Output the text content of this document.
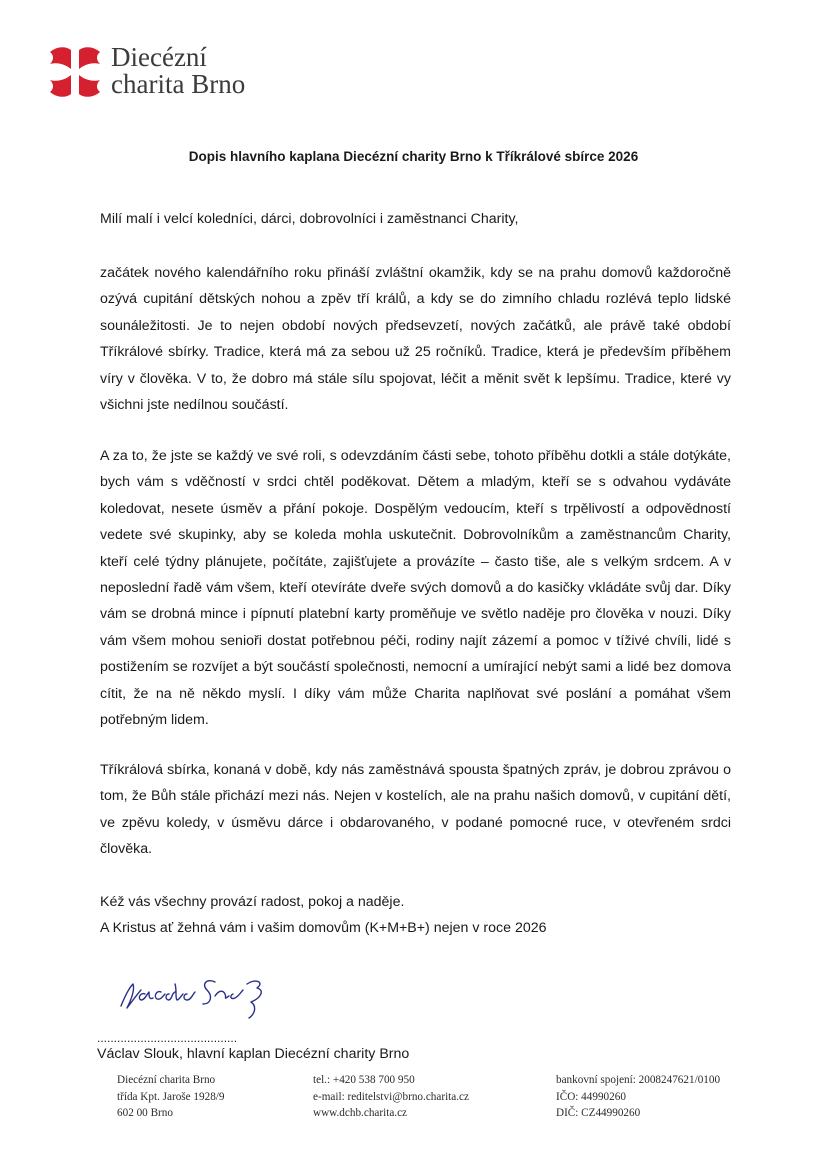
Diecézní
charita Brno
Dopis hlavního kaplana Diecézní charity Brno k Tříkrálové sbírce 2026
Milí malí i velcí koledníci, dárci, dobrovolníci i zaměstnanci Charity,

začátek nového kalendářního roku přináší zvláštní okamžik, kdy se na prahu domovů každoročně ozývá cupitání dětských nohou a zpěv tří králů, a kdy se do zimního chladu rozlévá teplo lidské sounáležitosti. Je to nejen období nových předsevzetí, nových začátků, ale právě také období Tříkrálové sbírky. Tradice, která má za sebou už 25 ročníků. Tradice, která je především příběhem víry v člověka. V to, že dobro má stále sílu spojovat, léčit a měnit svět k lepšímu. Tradice, které vy všichni jste nedílnou součástí.

A za to, že jste se každý ve své roli, s odevzdáním části sebe, tohoto příběhu dotkli a stále dotýkáte, bych vám s vděčností v srdci chtěl poděkovat. Dětem a mladým, kteří se s odvahou vydáváte koledovat, nesete úsměv a přání pokoje. Dospělým vedoucím, kteří s trpělivostí a odpovědností vedete své skupinky, aby se koleda mohla uskutečnit. Dobrovolníkům a zaměstnancům Charity, kteří celé týdny plánujete, počítáte, zajišťujete a provázíte – často tiše, ale s velkým srdcem. A v neposlední řadě vám všem, kteří otevíráte dveře svých domovů a do kasičky vkládáte svůj dar. Díky vám se drobná mince i pípnutí platební karty proměňuje ve světlo naděje pro člověka v nouzi. Díky vám všem mohou senioři dostat potřebnou péči, rodiny najít zázemí a pomoc v tíživé chvíli, lidé s postižením se rozvíjet a být součástí společnosti, nemocní a umírající nebýt sami a lidé bez domova cítit, že na ně někdo myslí. I díky vám může Charita naplňovat své poslání a pomáhat všem potřebným lidem.

Tříkrálová sbírka, konaná v době, kdy nás zaměstnává spousta špatných zpráv, je dobrou zprávou o tom, že Bůh stále přichází mezi nás. Nejen v kostelích, ale na prahu našich domovů, v cupitání dětí, ve zpěvu koledy, v úsměvu dárce i obdarovaného, v podané pomocné ruce, v otevřeném srdci člověka.

Kéž vás všechny provází radost, pokoj a naděje.

A Kristus ať žehná vám i vašim domovům (K+M+B+) nejen v roce 2026

..........................................
Václav Slouk, hlavní kaplan Diecézní charity Brno
Diecézní charita Brno
třída Kpt. Jaroše 1928/9
602 00 Brno
tel.: +420 538 700 950
e-mail: reditelstvi@brno.charita.cz
www.dchb.charita.cz
bankovní spojení: 2008247621/0100
IČO: 44990260
DIČ: CZ44990260
